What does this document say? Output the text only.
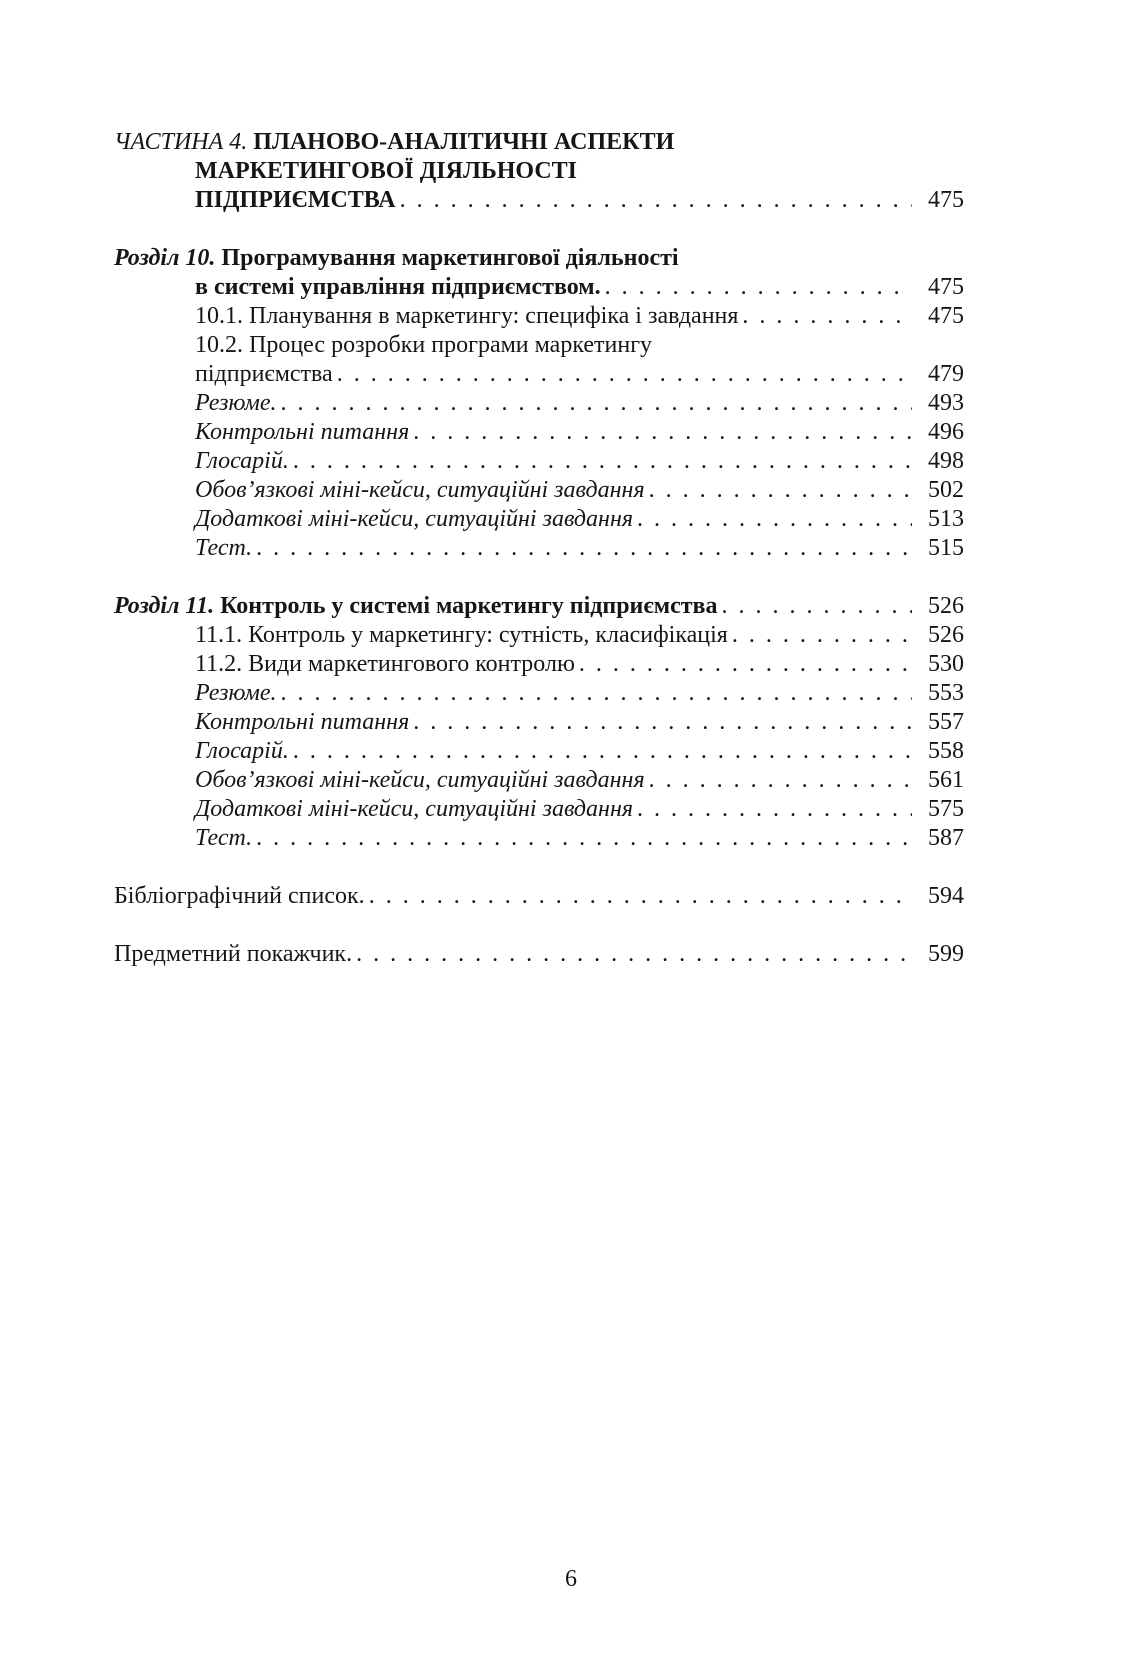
ЧАСТИНА 4. ПЛАНОВО-АНАЛІТИЧНІ АСПЕКТИ
МАРКЕТИНГОВОЇ ДІЯЛЬНОСТІ
ПІДПРИЄМСТВА . . .	475
Розділ 10. Програмування маркетингової діяльності
в системі управління підприємством. . . .	475
10.1. Планування в маркетингу: специфіка і завдання . . .	475
10.2. Процес розробки програми маркетингу
підприємства . . .	479
Резюме. . . .	493
Контрольні питання . . .	496
Глосарій. . . .	498
Обов’язкові міні-кейси, ситуаційні завдання . . .	502
Додаткові міні-кейси, ситуаційні завдання . . .	513
Тест. . . .	515
Розділ 11. Контроль у системі маркетингу підприємства . . .	526
11.1. Контроль у маркетингу: сутність, класифікація . . .	526
11.2. Види маркетингового контролю . . .	530
Резюме. . . .	553
Контрольні питання . . .	557
Глосарій. . . .	558
Обов’язкові міні-кейси, ситуаційні завдання . . .	561
Додаткові міні-кейси, ситуаційні завдання . . .	575
Тест. . . .	587
Бібліографічний список. . . .	594
Предметний покажчик. . . .	599
6
